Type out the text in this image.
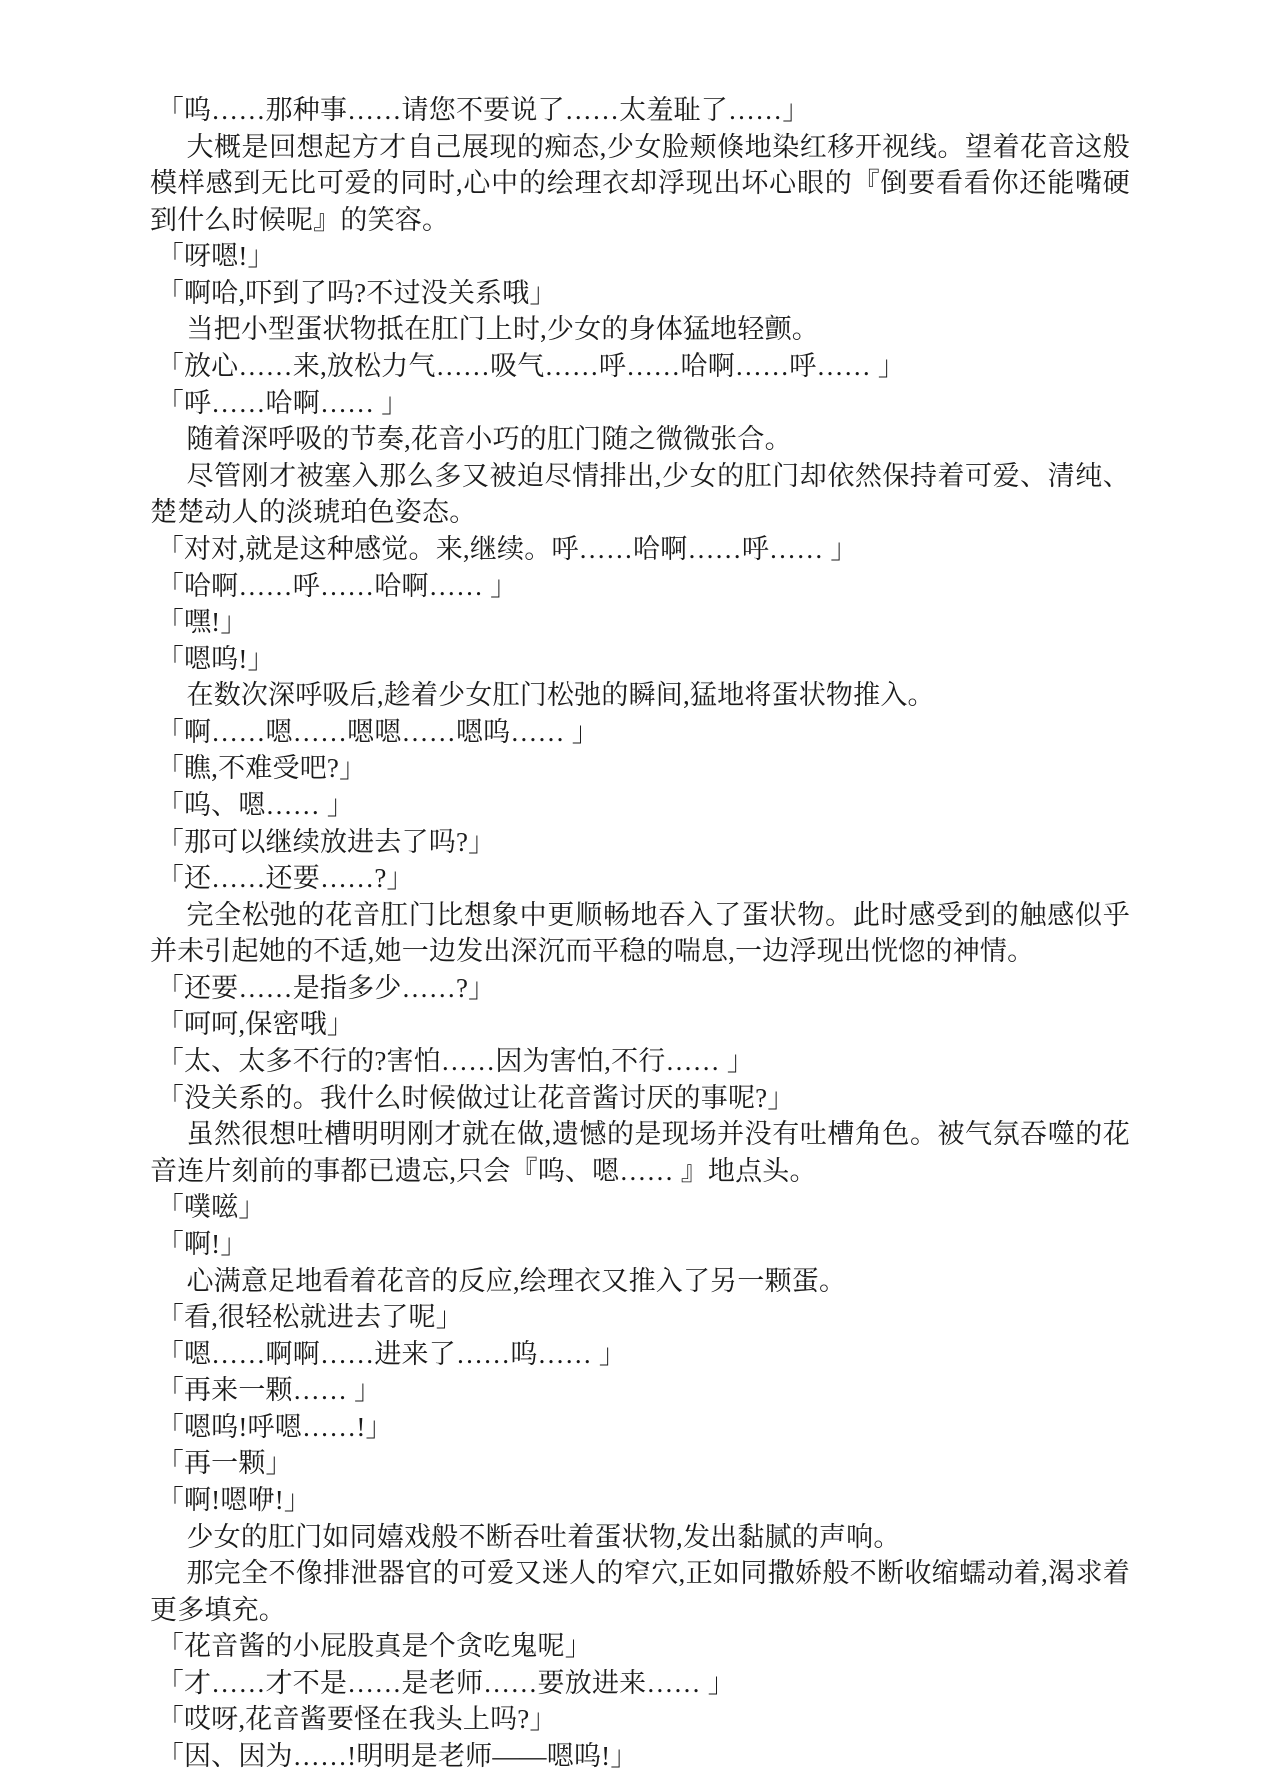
「呜……那种事……请您不要说了……太羞耻了……」

大概是回想起方才自己展现的痴态,少女脸颊倏地染红移开视线。望着花音这般模样感到无比可爱的同时,心中的绘理衣却浮现出坏心眼的『倒要看看你还能嘴硬到什么时候呢』的笑容。

「呀嗯!」

「啊哈,吓到了吗?不过没关系哦」

当把小型蛋状物抵在肛门上时,少女的身体猛地轻颤。

「放心……来,放松力气……吸气……呼……哈啊……呼…… 」

「呼……哈啊…… 」

随着深呼吸的节奏,花音小巧的肛门随之微微张合。

尽管刚才被塞入那么多又被迫尽情排出,少女的肛门却依然保持着可爱、清纯、楚楚动人的淡琥珀色姿态。

「对对,就是这种感觉。来,继续。呼……哈啊……呼…… 」

「哈啊……呼……哈啊…… 」

「嘿!」

「嗯呜!」

在数次深呼吸后,趁着少女肛门松弛的瞬间,猛地将蛋状物推入。

「啊……嗯……嗯嗯……嗯呜…… 」

「瞧,不难受吧?」

「呜、嗯…… 」

「那可以继续放进去了吗?」

「还……还要……?」

完全松弛的花音肛门比想象中更顺畅地吞入了蛋状物。此时感受到的触感似乎并未引起她的不适,她一边发出深沉而平稳的喘息,一边浮现出恍惚的神情。

「还要……是指多少……?」

「呵呵,保密哦」

「太、太多不行的?害怕……因为害怕,不行…… 」

「没关系的。我什么时候做过让花音酱讨厌的事呢?」

虽然很想吐槽明明刚才就在做,遗憾的是现场并没有吐槽角色。被气氛吞噬的花音连片刻前的事都已遗忘,只会『呜、嗯…… 』地点头。

「噗嗞」

「啊!」

心满意足地看着花音的反应,绘理衣又推入了另一颗蛋。

「看,很轻松就进去了呢」

「嗯……啊啊……进来了……呜…… 」

「再来一颗…… 」

「嗯呜!呼嗯……!」

「再一颗」

「啊!嗯咿!」

少女的肛门如同嬉戏般不断吞吐着蛋状物,发出黏腻的声响。

那完全不像排泄器官的可爱又迷人的窄穴,正如同撒娇般不断收缩蠕动着,渴求着更多填充。

「花音酱的小屁股真是个贪吃鬼呢」

「才……才不是……是老师……要放进来…… 」

「哎呀,花音酱要怪在我头上吗?」

「因、因为……!明明是老师——嗯呜!」
